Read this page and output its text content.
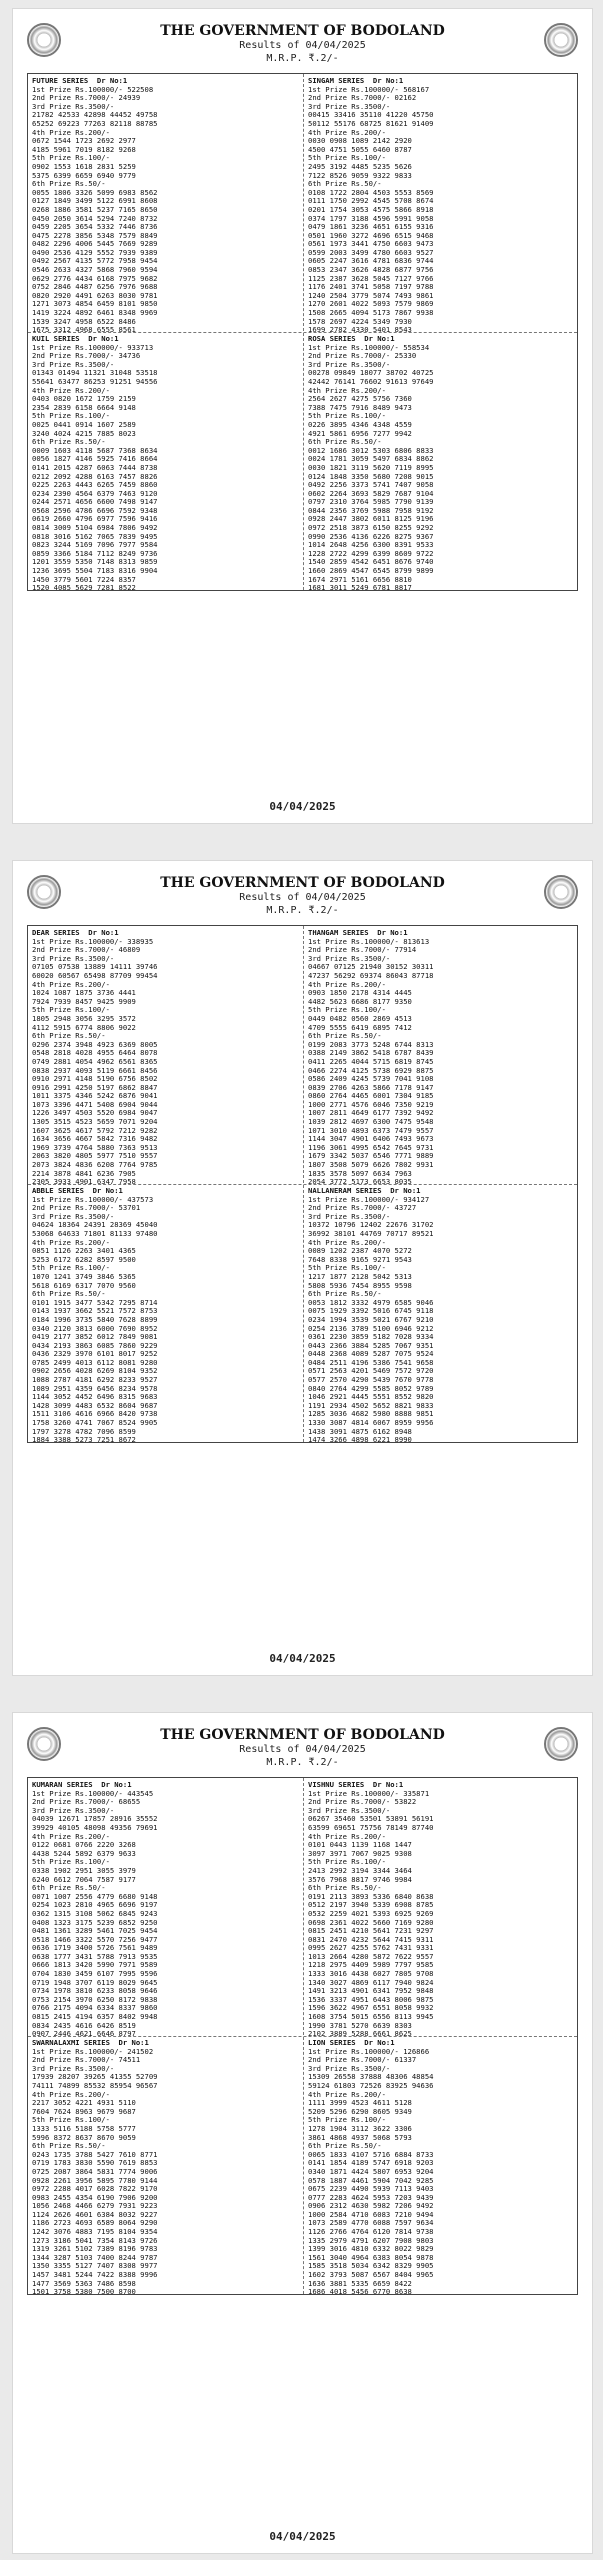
THE GOVERNMENT OF BODOLAND
Results of 04/04/2025
M.R.P. ₹.2/-
FUTURE SERIES  Dr No:1
1st Prize Rs.100000/- 522508
2nd Prize Rs.7000/- 24939
3rd Prize Rs.3500/-
21782 42533 42898 44452 49758
65252 69223 77263 82118 88785
4th Prize Rs.200/-
0672 1544 1723 2692 2977
4185 5961 7019 8182 9268
5th Prize Rs.100/-
0902 1553 1618 2831 5259
5375 6399 6659 6940 9779
6th Prize Rs.50/-
0055 1806 3326 5099 6983 8562
0127 1849 3499 5122 6991 8608
0268 1886 3581 5237 7165 8650
0450 2050 3614 5294 7240 8732
0459 2205 3654 5332 7446 8736
0475 2278 3856 5348 7579 8849
0482 2296 4006 5445 7669 9289
0490 2536 4129 5552 7939 9389
0492 2567 4135 5772 7958 9454
0546 2633 4327 5868 7960 9594
0629 2776 4434 6168 7975 9682
0752 2846 4487 6256 7976 9688
0820 2920 4491 6263 8030 9781
1271 3073 4854 6459 8101 9850
1419 3224 4892 6461 8348 9969
1539 3247 4958 6522 8486
1675 3312 4968 6555 8561
SINGAM SERIES  Dr No:1
1st Prize Rs.100000/- 568167
2nd Prize Rs.7000/- 02162
3rd Prize Rs.3500/-
00415 33416 35110 41220 45750
50112 55176 68725 81621 91409
4th Prize Rs.200/-
0030 0908 1089 2142 2920
4500 4751 5055 6460 8787
5th Prize Rs.100/-
2495 3192 4485 5235 5626
7122 8526 9059 9322 9833
6th Prize Rs.50/-
0108 1722 2804 4503 5553 8569
0111 1750 2992 4545 5708 8674
0201 1754 3053 4575 5866 8918
0374 1797 3188 4596 5991 9058
0479 1861 3236 4651 6155 9316
0501 1960 3272 4696 6515 9468
0561 1973 3441 4750 6603 9473
0599 2003 3499 4780 6603 9527
0605 2247 3616 4781 6836 9744
0853 2347 3626 4828 6877 9756
1125 2387 3628 5045 7127 9766
1176 2401 3741 5058 7197 9788
1240 2504 3779 5074 7493 9861
1270 2601 4022 5093 7579 9869
1508 2665 4094 5173 7867 9938
1578 2697 4224 5349 7930
1699 2782 4330 5401 8543
KUIL SERIES  Dr No:1
1st Prize Rs.100000/- 933713
2nd Prize Rs.7000/- 34736
3rd Prize Rs.3500/-
01343 01494 11321 31048 53518
55641 63477 86253 91251 94556
4th Prize Rs.200/-
0403 0820 1672 1759 2159
2354 2839 6158 6664 9148
5th Prize Rs.100/-
0025 0441 0914 1607 2589
3240 4024 4215 7885 8023
6th Prize Rs.50/-
0009 1603 4118 5687 7368 8634
0056 1827 4146 5925 7416 8664
0141 2015 4287 6063 7444 8738
0212 2092 4288 6163 7457 8826
0225 2263 4443 6265 7459 8860
0234 2390 4564 6379 7463 9120
0244 2571 4656 6600 7498 9147
0568 2596 4786 6696 7592 9348
0619 2660 4796 6977 7596 9416
0814 3009 5104 6984 7806 9492
0818 3016 5162 7065 7839 9495
0823 3244 5169 7096 7977 9584
0859 3366 5184 7112 8249 9736
1201 3559 5350 7148 8313 9859
1236 3695 5504 7183 8316 9904
1450 3779 5601 7224 8357
1520 4085 5629 7281 8522
ROSA SERIES  Dr No:1
1st Prize Rs.100000/- 558534
2nd Prize Rs.7000/- 25330
3rd Prize Rs.3500/-
00278 09849 18077 38702 40725
42442 76141 76602 91613 97649
4th Prize Rs.200/-
2564 2627 4275 5756 7360
7388 7475 7916 8489 9473
5th Prize Rs.100/-
0226 3895 4346 4348 4559
4921 5861 6956 7277 9942
6th Prize Rs.50/-
0012 1686 3012 5303 6806 8833
0024 1781 3059 5497 6834 8862
0030 1821 3119 5620 7119 8995
0124 1848 3350 5680 7208 9015
0492 2256 3373 5741 7407 9058
0602 2264 3693 5829 7687 9104
0797 2310 3764 5985 7790 9139
0844 2356 3769 5988 7958 9192
0928 2447 3802 6011 8125 9196
0972 2518 3873 6150 8255 9292
0990 2536 4136 6226 8275 9367
1014 2648 4256 6300 8391 9533
1228 2722 4299 6399 8609 9722
1540 2859 4542 6451 8676 9740
1660 2869 4547 6545 8799 9899
1674 2971 5161 6656 8810
1681 3011 5249 6781 8817
04/04/2025
THE GOVERNMENT OF BODOLAND
Results of 04/04/2025
M.R.P. ₹.2/-
DEAR SERIES  Dr No:1
1st Prize Rs.100000/- 338935
2nd Prize Rs.7000/- 46809
3rd Prize Rs.3500/-
07105 07538 13889 14111 39746
60020 60567 65498 87709 99454
4th Prize Rs.200/-
1024 1087 1875 3736 4441
7924 7939 8457 9425 9909
5th Prize Rs.100/-
1805 2948 3056 3295 3572
4112 5915 6774 8806 9022
6th Prize Rs.50/-
0296 2374 3948 4923 6369 8005
0548 2818 4028 4955 6464 8078
0749 2881 4054 4962 6561 8365
0838 2937 4093 5119 6661 8456
0910 2971 4148 5190 6756 8502
0916 2991 4250 5197 6862 8847
1011 3375 4346 5242 6876 9041
1073 3396 4471 5408 6904 9044
1226 3497 4503 5520 6984 9047
1305 3515 4523 5659 7071 9204
1607 3625 4617 5792 7212 9282
1634 3656 4667 5842 7316 9482
1969 3739 4764 5880 7363 9513
2063 3820 4805 5977 7510 9557
2073 3824 4836 6208 7764 9785
2214 3878 4841 6236 7905
2305 3933 4901 6347 7958
THANGAM SERIES  Dr No:1
1st Prize Rs.100000/- 813613
2nd Prize Rs.7000/- 77914
3rd Prize Rs.3500/-
04667 07125 21940 30152 30311
47237 56292 69374 86043 87718
4th Prize Rs.200/-
0903 1850 2178 4314 4445
4482 5623 6686 8177 9350
5th Prize Rs.100/-
0449 0482 0560 2869 4513
4709 5555 6419 6895 7412
6th Prize Rs.50/-
0199 2083 3773 5248 6744 8313
0388 2149 3862 5418 6787 8439
0411 2265 4044 5715 6819 8745
0466 2274 4125 5738 6929 8875
0586 2409 4245 5739 7041 9108
0839 2706 4263 5866 7178 9147
0860 2764 4465 6001 7304 9185
1000 2771 4576 6046 7350 9219
1007 2811 4649 6177 7392 9492
1039 2812 4697 6300 7475 9548
1071 3010 4893 6373 7479 9557
1144 3047 4901 6406 7493 9673
1196 3061 4995 6542 7645 9731
1679 3342 5037 6546 7771 9889
1807 3508 5079 6626 7802 9931
1835 3578 5097 6634 7963
2054 3772 5173 6653 8035
ABBLE SERIES  Dr No:1
1st Prize Rs.100000/- 437573
2nd Prize Rs.7000/- 53701
3rd Prize Rs.3500/-
04624 18364 24391 28369 45040
53068 64633 71801 81133 97480
4th Prize Rs.200/-
0851 1126 2263 3401 4365
5253 6172 6282 8597 9500
5th Prize Rs.100/-
1070 1241 3749 3846 5365
5618 6169 6317 7070 9560
6th Prize Rs.50/-
0101 1915 3477 5342 7295 8714
0143 1937 3662 5521 7572 8753
0184 1996 3735 5840 7628 8899
0340 2120 3813 6000 7690 8952
0419 2177 3852 6012 7849 9081
0434 2193 3863 6085 7860 9229
0436 2329 3970 6101 8017 9252
0785 2499 4013 6112 8081 9280
0902 2656 4028 6269 8104 9352
1088 2787 4181 6292 8233 9527
1089 2951 4359 6456 8234 9578
1144 3052 4452 6496 8315 9683
1428 3099 4483 6532 8604 9687
1511 3106 4616 6966 8420 9738
1758 3260 4741 7067 8524 9905
1797 3278 4782 7096 8599
1884 3388 5273 7251 8672
NALLANERAM SERIES  Dr No:1
1st Prize Rs.100000/- 934127
2nd Prize Rs.7000/- 43727
3rd Prize Rs.3500/-
10372 10796 12402 22676 31702
36992 38101 44769 70717 89521
4th Prize Rs.200/-
0089 1202 2387 4070 5272
7648 8338 9165 9271 9543
5th Prize Rs.100/-
1217 1877 2128 5042 5313
5808 5936 7454 8955 9598
6th Prize Rs.50/-
0053 1812 3332 4979 6585 9046
0075 1929 3392 5016 6745 9118
0234 1994 3539 5021 6767 9210
0254 2136 3789 5100 6946 9212
0361 2230 3859 5182 7028 9334
0443 2366 3884 5285 7067 9351
0448 2368 4089 5287 7075 9524
0484 2511 4196 5386 7541 9658
0571 2563 4201 5469 7572 9720
0577 2570 4290 5439 7670 9778
0840 2764 4299 5585 8052 9789
1046 2921 4445 5551 8552 9820
1191 2934 4502 5652 8821 9833
1285 3036 4682 5980 8888 9851
1330 3087 4814 6067 8959 9956
1438 3091 4875 6162 8948
1474 3266 4898 6221 8990
04/04/2025
THE GOVERNMENT OF BODOLAND
Results of 04/04/2025
M.R.P. ₹.2/-
KUMARAN SERIES  Dr No:1
1st Prize Rs.100000/- 443545
2nd Prize Rs.7000/- 68655
3rd Prize Rs.3500/-
04039 12671 17857 28916 35552
39929 40105 48098 49356 79691
4th Prize Rs.200/-
0122 0681 0766 2220 3268
4438 5244 5892 6379 9633
5th Prize Rs.100/-
0338 1902 2951 3055 3979
6240 6612 7064 7587 9177
6th Prize Rs.50/-
0071 1007 2556 4779 6680 9148
0254 1023 2810 4965 6696 9197
0362 1315 3108 5062 6845 9243
0408 1323 3175 5239 6852 9250
0481 1361 3289 5461 7025 9454
0518 1466 3322 5570 7256 9477
0636 1719 3400 5726 7561 9489
0638 1777 3431 5788 7913 9535
0666 1813 3420 5990 7971 9589
0704 1830 3459 6107 7995 9596
0719 1948 3707 6119 8029 9645
0734 1978 3810 6233 8058 9646
0753 2154 3970 6250 8172 9838
0766 2175 4094 6334 8337 9860
0815 2415 4194 6357 8402 9948
0834 2435 4616 6426 8519
0907 2446 4621 6646 8797
VISHNU SERIES  Dr No:1
1st Prize Rs.100000/- 335871
2nd Prize Rs.7000/- 53822
3rd Prize Rs.3500/-
06267 35460 53501 53891 56191
63599 69651 75756 78149 87740
4th Prize Rs.200/-
0101 0443 1139 1168 1447
3097 3971 7067 9025 9308
5th Prize Rs.100/-
2413 2992 3194 3344 3464
3576 7968 8817 9746 9984
6th Prize Rs.50/-
0191 2113 3893 5336 6840 8638
0512 2197 3940 5339 6908 8785
0532 2259 4021 5393 6925 9269
0698 2361 4022 5660 7169 9280
0815 2451 4210 5641 7231 9297
0831 2470 4232 5644 7415 9311
0995 2627 4255 5762 7431 9331
1013 2664 4280 5872 7622 9557
1218 2975 4409 5989 7797 9585
1333 3016 4438 6027 7805 9708
1340 3027 4869 6117 7940 9824
1491 3213 4901 6341 7952 9848
1536 3337 4951 6443 8006 9875
1596 3622 4967 6551 8058 9932
1608 3754 5015 6556 8113 9945
1990 3781 5270 6639 8303
2102 3889 5288 6661 8625
SWARNALAXMI SERIES  Dr No:1
1st Prize Rs.100000/- 241502
2nd Prize Rs.7000/- 74511
3rd Prize Rs.3500/-
17939 28207 39265 41355 52709
74111 74899 85532 85954 96567
4th Prize Rs.200/-
2217 3052 4221 4931 5110
7604 7624 8963 9679 9687
5th Prize Rs.100/-
1333 5116 5188 5758 5777
5996 8372 8637 8670 9059
6th Prize Rs.50/-
0243 1735 3788 5427 7610 8771
0719 1783 3830 5590 7619 8853
0725 2087 3864 5831 7774 9006
0928 2261 3956 5895 7780 9144
0972 2288 4017 6028 7822 9170
0983 2455 4354 6190 7906 9200
1056 2468 4466 6279 7931 9223
1124 2626 4601 6384 8032 9227
1186 2723 4693 6589 8064 9290
1242 3076 4883 7195 8104 9354
1273 3186 5041 7354 8143 9726
1319 3261 5102 7389 8196 9783
1344 3287 5103 7400 8244 9787
1350 3355 5127 7407 8308 9977
1457 3481 5244 7422 8388 9996
1477 3569 5363 7486 8598
1501 3758 5380 7500 8700
LION SERIES  Dr No:1
1st Prize Rs.100000/- 126866
2nd Prize Rs.7000/- 61337
3rd Prize Rs.3500/-
15309 26558 37888 48306 48854
59124 61803 72526 83925 94636
4th Prize Rs.200/-
1111 3999 4523 4611 5128
5209 5296 6290 8605 9349
5th Prize Rs.100/-
1278 1904 3112 3622 3306
3861 4868 4937 5068 5793
6th Prize Rs.50/-
0065 1833 4107 5716 6884 8733
0141 1854 4189 5747 6918 9203
0340 1871 4424 5807 6953 9204
0578 1887 4461 5904 7042 9285
0675 2239 4490 5939 7113 9403
0777 2283 4624 5953 7203 9439
0906 2312 4630 5982 7206 9492
1000 2584 4710 6083 7210 9494
1073 2589 4770 6088 7597 9634
1126 2766 4764 6120 7814 9738
1335 2979 4791 6207 7908 9803
1399 3016 4810 6332 8022 9829
1561 3040 4964 6383 8054 9878
1585 3518 5034 6342 8329 9905
1602 3793 5087 6567 8404 9965
1636 3881 5335 6659 8422
1686 4018 5456 6770 8638
04/04/2025
